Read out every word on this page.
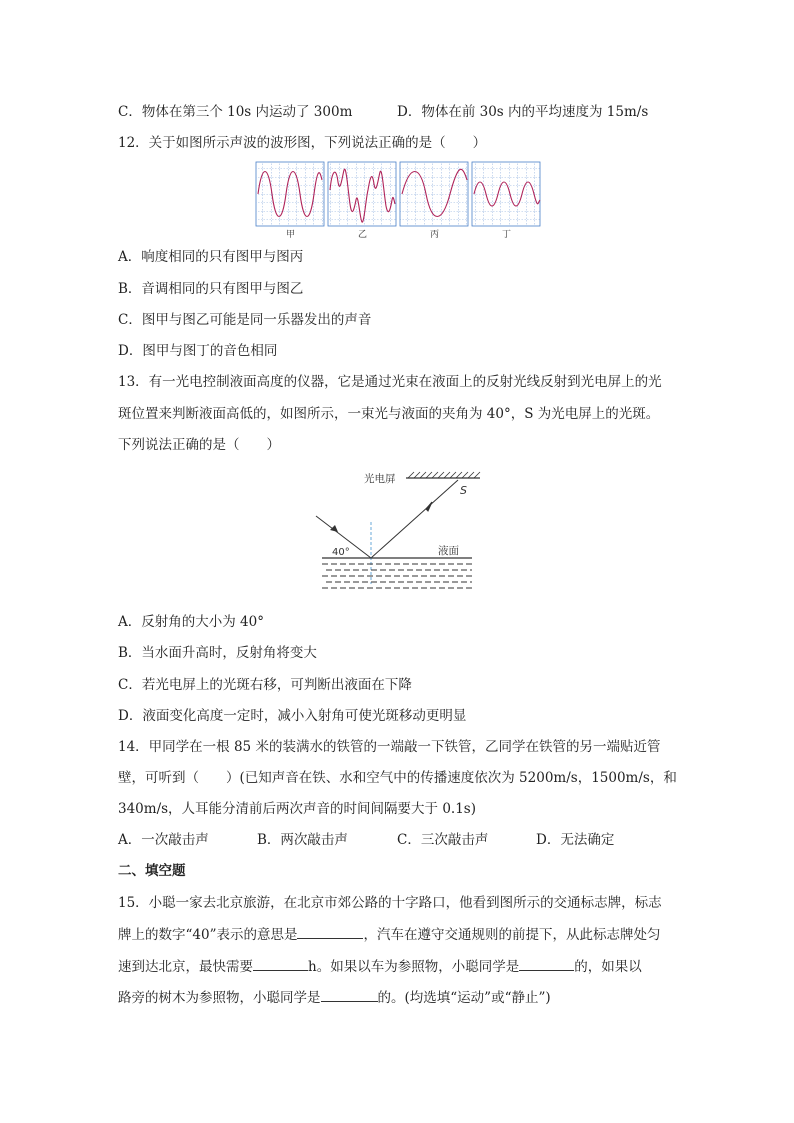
C．物体在第三个 10s 内运动了 300m	D．物体在前 30s 内的平均速度为 15m/s
12．关于如图所示声波的波形图，下列说法正确的是（　　）
甲	乙	丙	丁
A．响度相同的只有图甲与图丙
B．音调相同的只有图甲与图乙
C．图甲与图乙可能是同一乐器发出的声音
D．图甲与图丁的音色相同
13．有一光电控制液面高度的仪器，它是通过光束在液面上的反射光线反射到光电屏上的光
斑位置来判断液面高低的，如图所示，一束光与液面的夹角为 40°，S 为光电屏上的光斑。
下列说法正确的是（　　）
光电屏
S
40°	液面
A．反射角的大小为 40°
B．当水面升高时，反射角将变大
C．若光电屏上的光斑右移，可判断出液面在下降
D．液面变化高度一定时，减小入射角可使光斑移动更明显
14．甲同学在一根 85 米的装满水的铁管的一端敲一下铁管，乙同学在铁管的另一端贴近管
壁，可听到（　　）(已知声音在铁、水和空气中的传播速度依次为 5200m/s，1500m/s，和
340m/s，人耳能分清前后两次声音的时间间隔要大于 0.1s)
A．一次敲击声	B．两次敲击声	C．三次敲击声	D．无法确定
二、填空题
15．小聪一家去北京旅游，在北京市郊公路的十字路口，他看到图所示的交通标志牌，标志
牌上的数字“40”表示的意思是	，汽车在遵守交通规则的前提下，从此标志牌处匀
速到达北京，最快需要	h。如果以车为参照物，小聪同学是	的，如果以
路旁的树木为参照物，小聪同学是	的。(均选填“运动”或“静止”)
